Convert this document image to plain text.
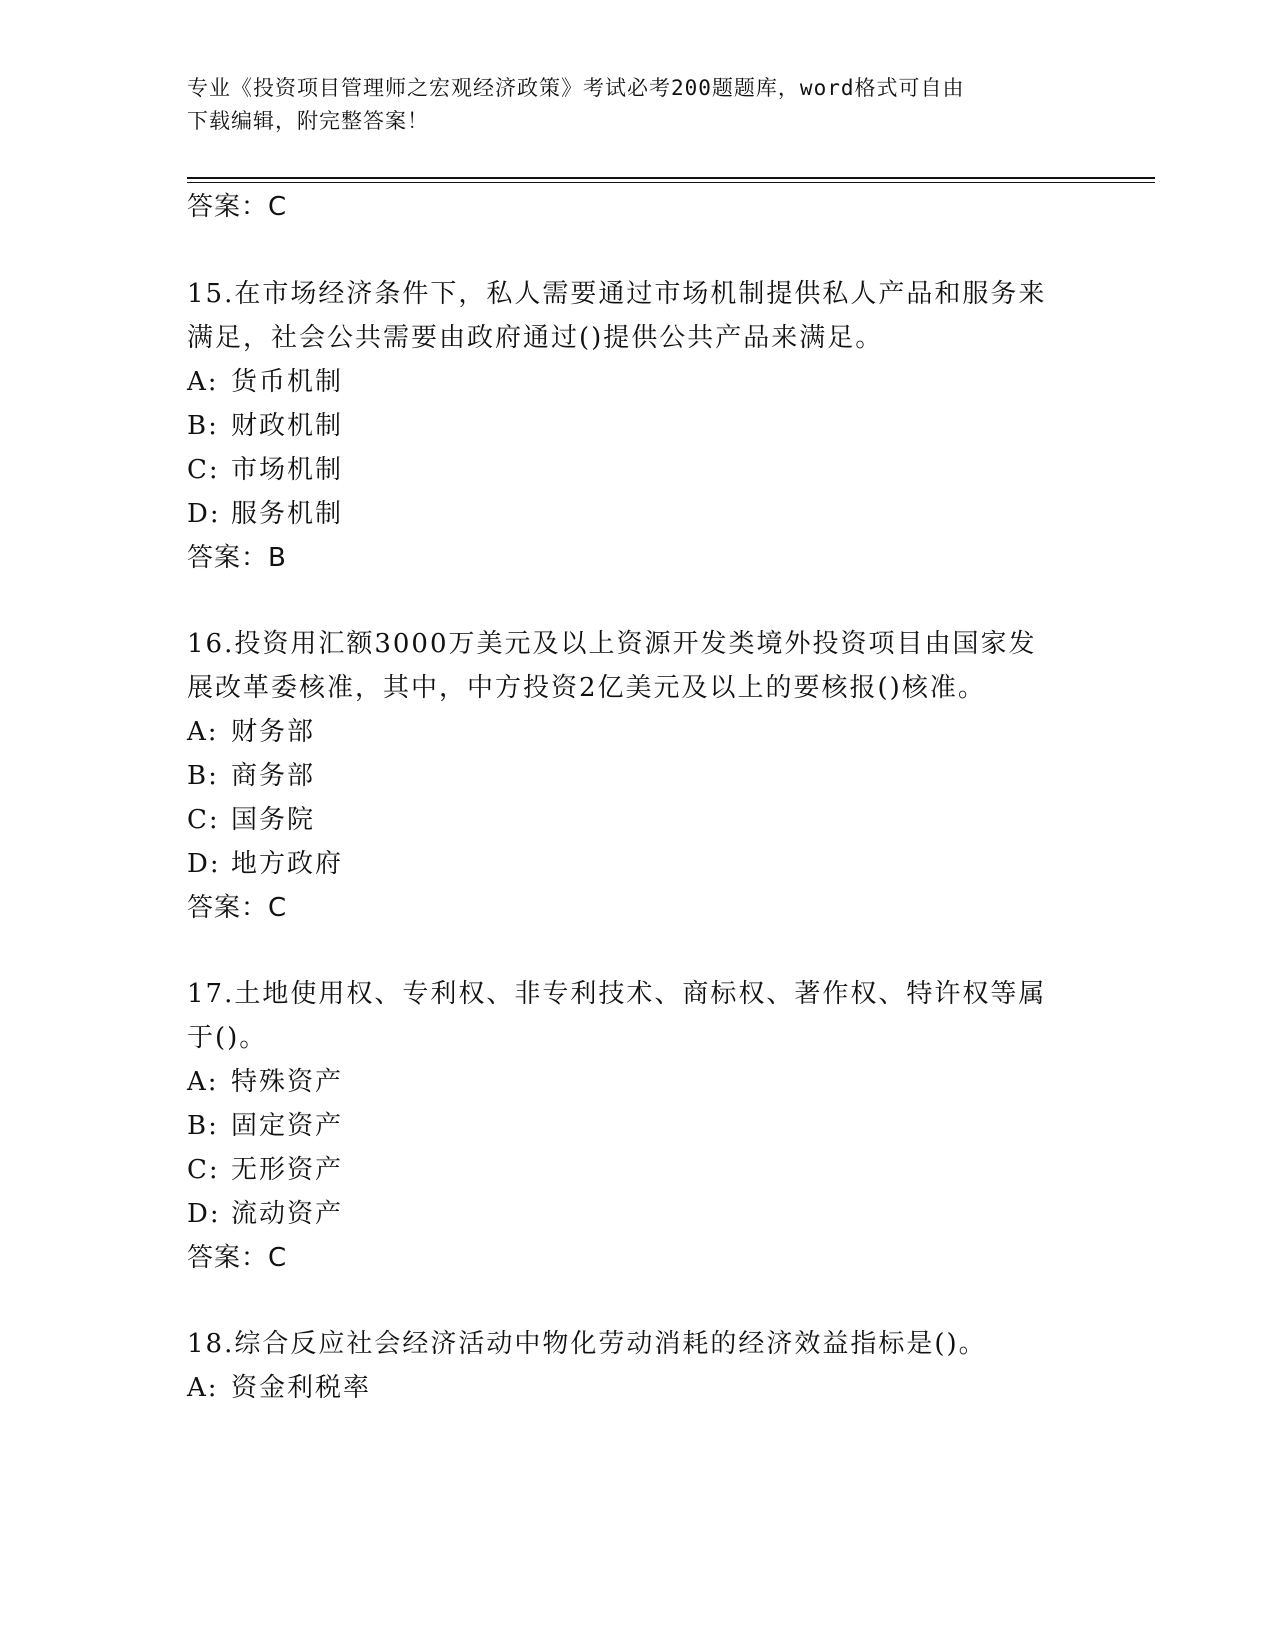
专业《投资项目管理师之宏观经济政策》考试必考200题题库，word格式可自由
下载编辑，附完整答案！
答案：C
15.在市场经济条件下，私人需要通过市场机制提供私人产品和服务来
满足，社会公共需要由政府通过()提供公共产品来满足。
A: 货币机制
B: 财政机制
C: 市场机制
D: 服务机制
答案：B
16.投资用汇额3000万美元及以上资源开发类境外投资项目由国家发
展改革委核准，其中，中方投资2亿美元及以上的要核报()核准。
A: 财务部
B: 商务部
C: 国务院
D: 地方政府
答案：C
17.土地使用权、专利权、非专利技术、商标权、著作权、特许权等属
于()。
A: 特殊资产
B: 固定资产
C: 无形资产
D: 流动资产
答案：C
18.综合反应社会经济活动中物化劳动消耗的经济效益指标是()。
A: 资金利税率
